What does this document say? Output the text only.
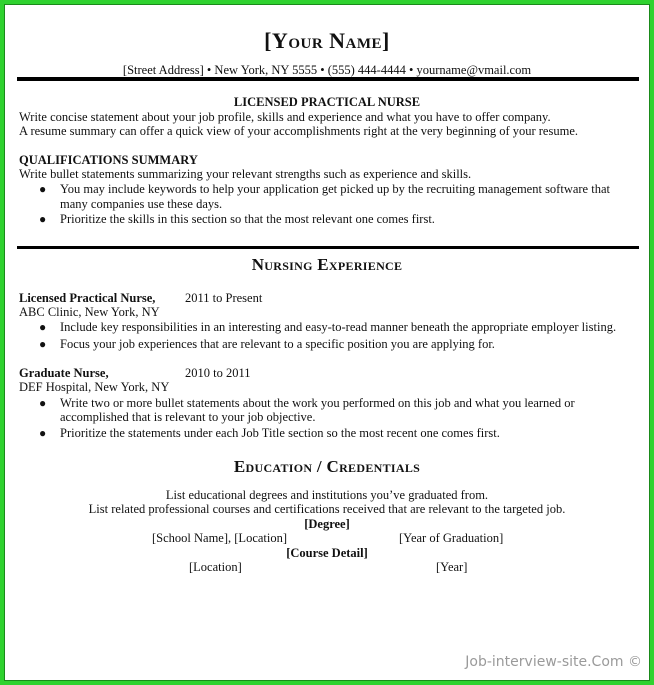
[Your Name]
[Street Address] • New York, NY 5555 • (555) 444-4444 • yourname@vmail.com
LICENSED PRACTICAL NURSE
Write concise statement about your job profile, skills and experience and what you have to offer company.
A resume summary can offer a quick view of your accomplishments right at the very beginning of your resume.
QUALIFICATIONS SUMMARY
Write bullet statements summarizing your relevant strengths such as experience and skills.
● You may include keywords to help your application get picked up by the recruiting management software that
many companies use these days.
● Prioritize the skills in this section so that the most relevant one comes first.
Nursing Experience
Licensed Practical Nurse, 2011 to Present
ABC Clinic, New York, NY
● Include key responsibilities in an interesting and easy-to-read manner beneath the appropriate employer listing.
● Focus your job experiences that are relevant to a specific position you are applying for.
Graduate Nurse,	2010 to 2011
DEF Hospital, New York, NY
● Write two or more bullet statements about the work you performed on this job and what you learned or
accomplished that is relevant to your job objective.
● Prioritize the statements under each Job Title section so the most recent one comes first.
Education / Credentials
List educational degrees and institutions you’ve graduated from.
List related professional courses and certifications received that are relevant to the targeted job.
[Degree]
[School Name], [Location]	[Year of Graduation]
[Course Detail]
[Location]	[Year]
Job-interview-site.Com ©
